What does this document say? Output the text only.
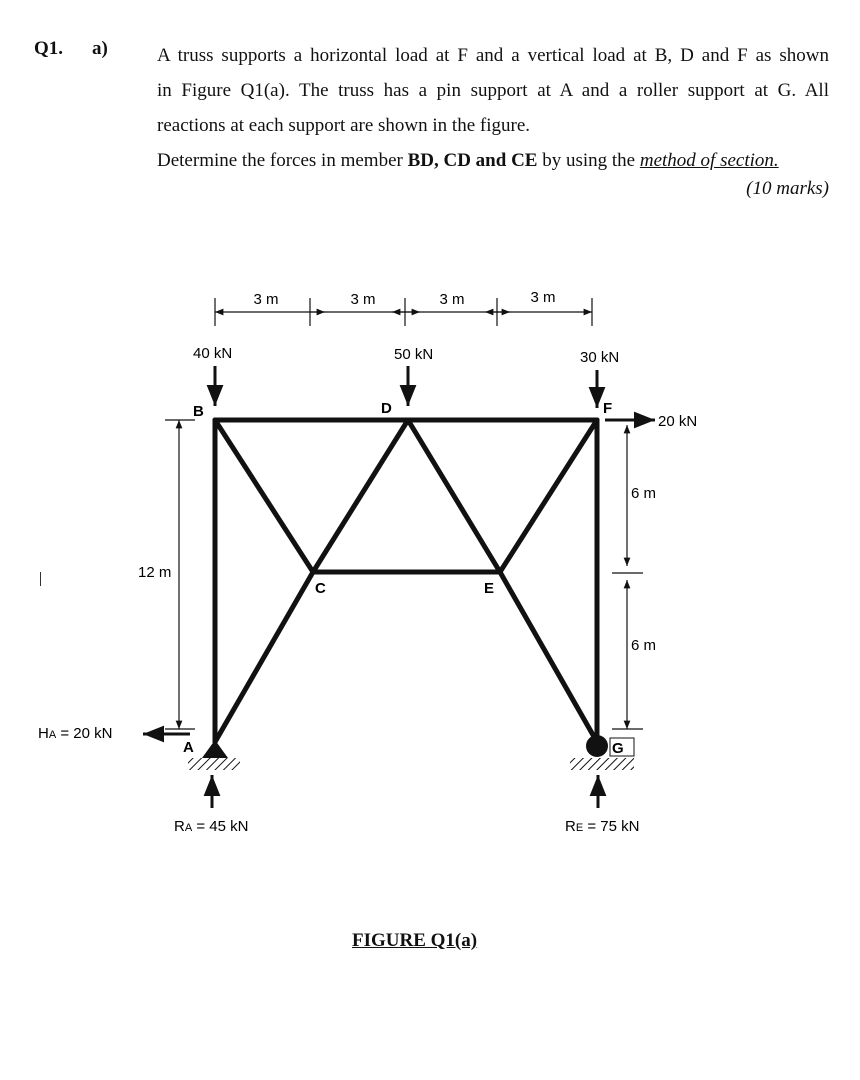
Q1. a)	A truss supports a horizontal load at F and a vertical load at B, D and F as shown

in Figure Q1(a). The truss has a pin support at A and a roller support at G. All

reactions at each support are shown in the figure.

Determine the forces in member BD, CD and CE by using the method of section.

(10 marks)
3 m	3 m	3 m	3 m
B	D	F
C	E
A	G
40 kN	50 kN	30 kN
20 kN
12 m
6 m
6 m
HA = 20 kN
RA = 45 kN	RE = 75 kN
FIGURE Q1(a)
